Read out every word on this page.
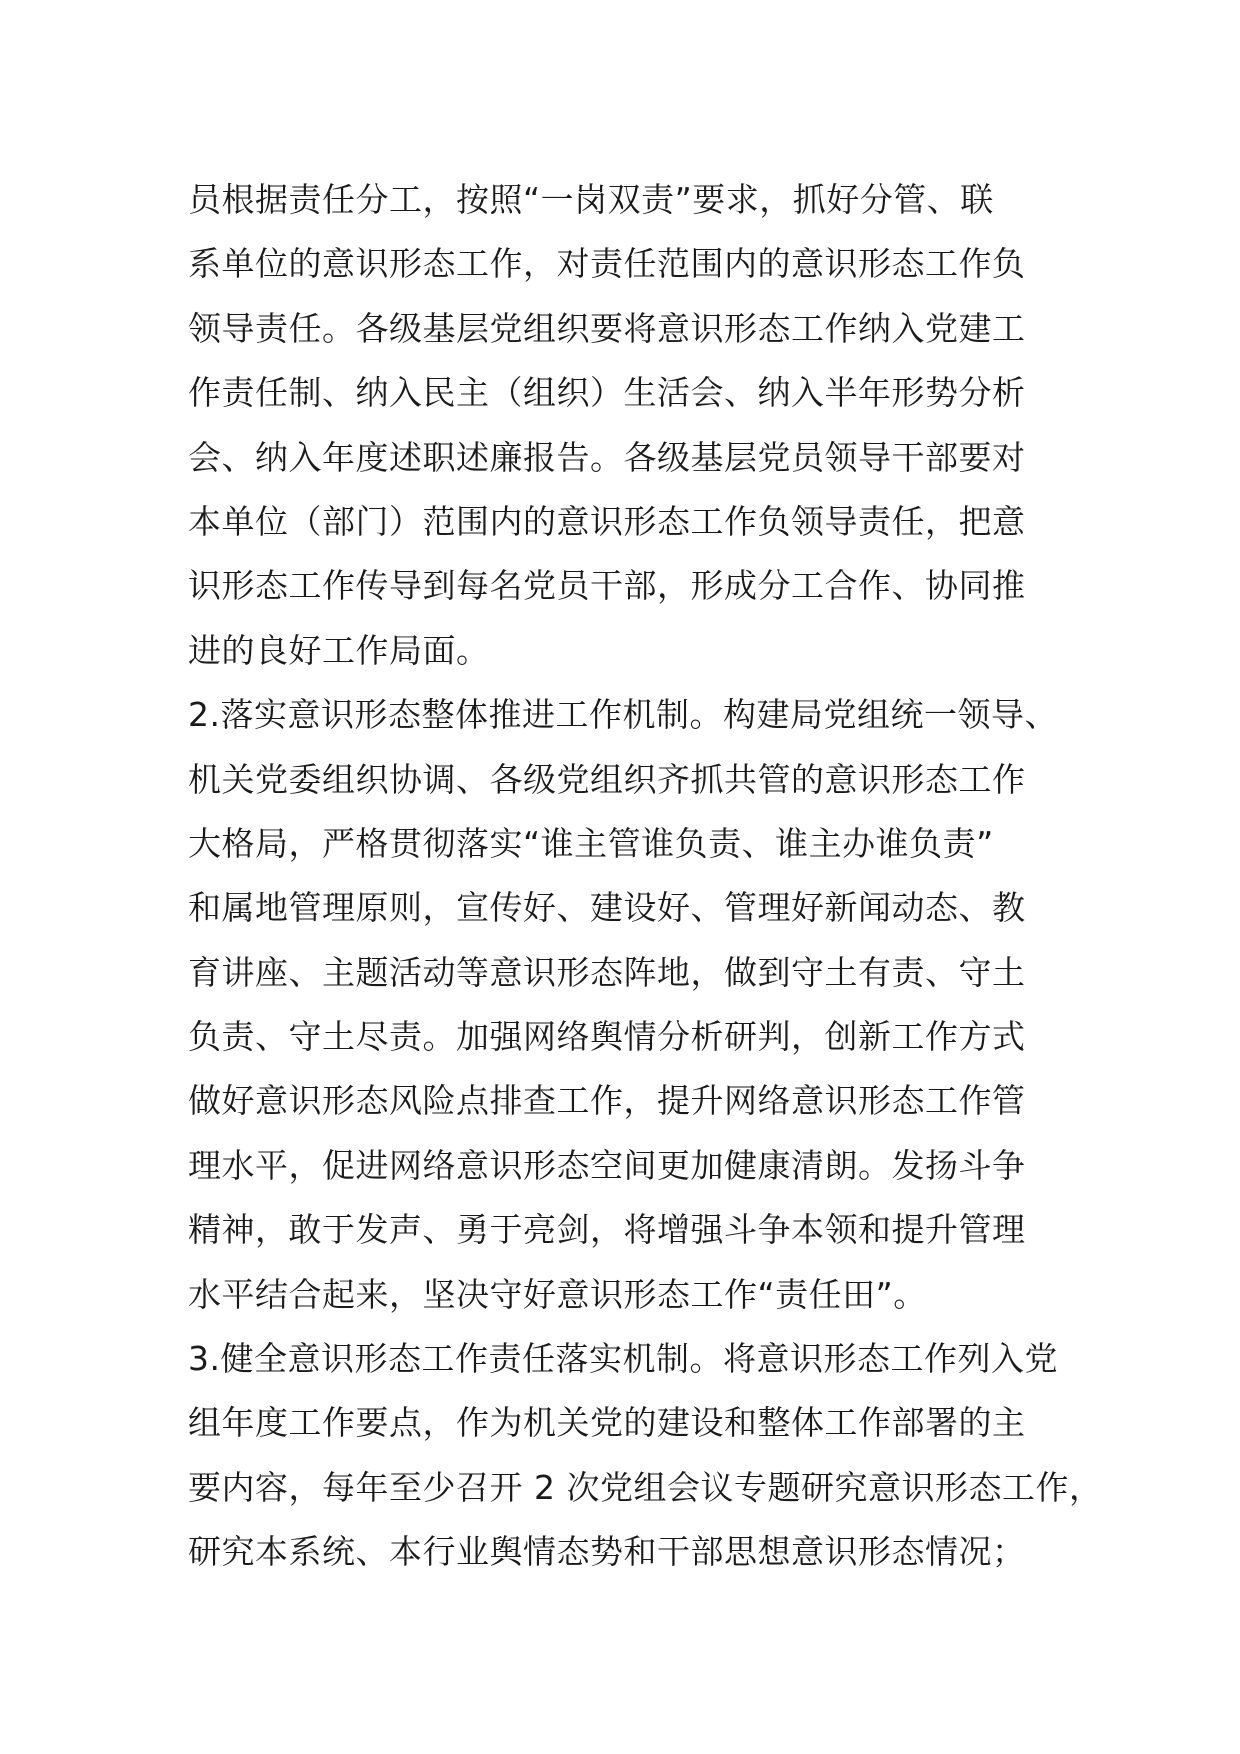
员根据责任分工，按照“一岗双责”要求，抓好分管、联
系单位的意识形态工作，对责任范围内的意识形态工作负
领导责任。各级基层党组织要将意识形态工作纳入党建工
作责任制、纳入民主（组织）生活会、纳入半年形势分析
会、纳入年度述职述廉报告。各级基层党员领导干部要对
本单位（部门）范围内的意识形态工作负领导责任，把意
识形态工作传导到每名党员干部，形成分工合作、协同推
进的良好工作局面。
2.落实意识形态整体推进工作机制。构建局党组统一领导、
机关党委组织协调、各级党组织齐抓共管的意识形态工作
大格局，严格贯彻落实“谁主管谁负责、谁主办谁负责”
和属地管理原则，宣传好、建设好、管理好新闻动态、教
育讲座、主题活动等意识形态阵地，做到守土有责、守土
负责、守土尽责。加强网络舆情分析研判，创新工作方式
做好意识形态风险点排查工作，提升网络意识形态工作管
理水平，促进网络意识形态空间更加健康清朗。发扬斗争
精神，敢于发声、勇于亮剑，将增强斗争本领和提升管理
水平结合起来，坚决守好意识形态工作“责任田”。
3.健全意识形态工作责任落实机制。将意识形态工作列入党
组年度工作要点，作为机关党的建设和整体工作部署的主
要内容，每年至少召开 2 次党组会议专题研究意识形态工作，
研究本系统、本行业舆情态势和干部思想意识形态情况；
